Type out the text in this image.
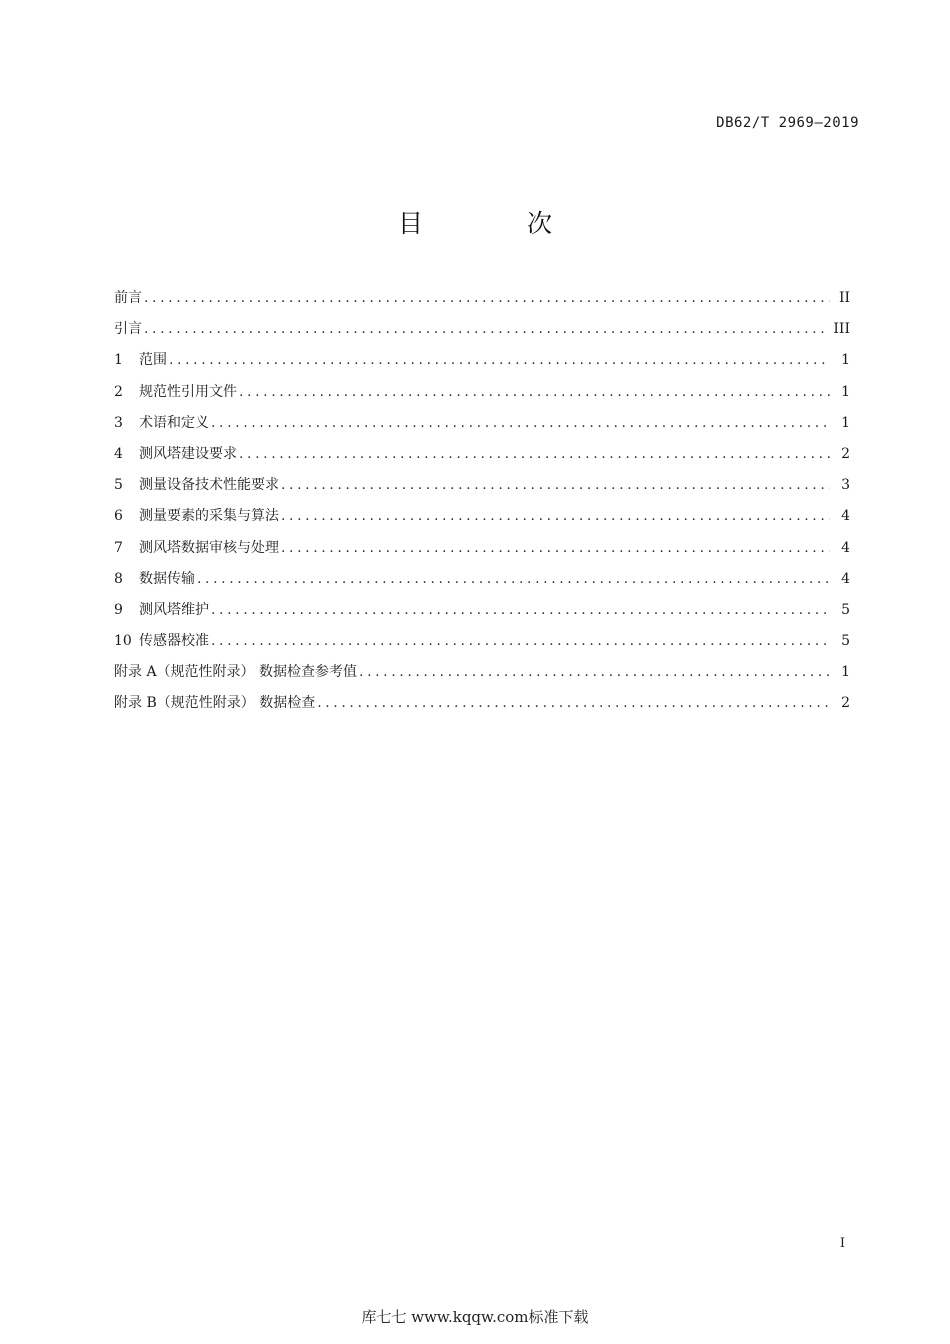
DB62/T 2969—2019
目 次
前言 .....	II
引言 .....	III
1	范围 .....	1
2	规范性引用文件 .....	1
3	术语和定义 .....	1
4	测风塔建设要求 .....	2
5	测量设备技术性能要求 .....	3
6	测量要素的采集与算法 .....	4
7	测风塔数据审核与处理 .....	4
8	数据传输 .....	4
9	测风塔维护 .....	5
10 传感器校准 .....	5
附录 A（规范性附录） 数据检查参考值 .....	1
附录 B（规范性附录） 数据检查 .....	2
I
库七七 www.kqqw.com标准下载
